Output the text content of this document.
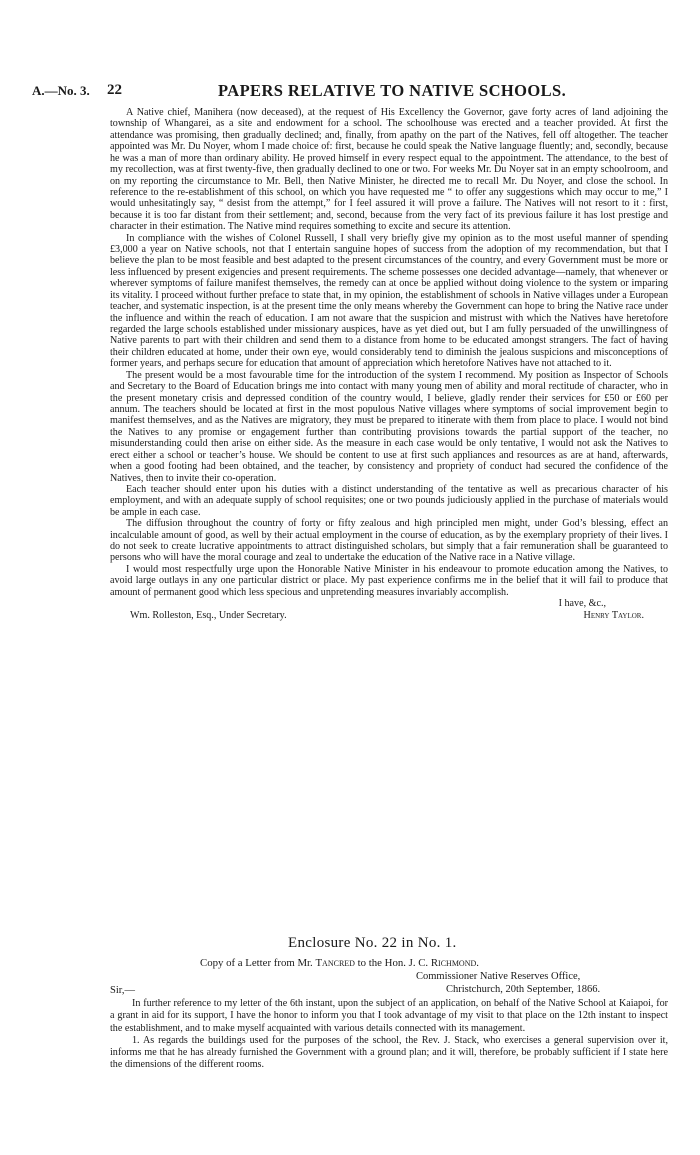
A.—No. 3. 22	PAPERS RELATIVE TO NATIVE SCHOOLS.

A Native chief, Manihera (now deceased), at the request of His Excellency the Governor, gave forty acres of land adjoining the township of Whangarei, as a site and endowment for a school. The schoolhouse was erected and a teacher provided. At first the attendance was promising, then gradually declined; and, finally, from apathy on the part of the Natives, fell off altogether. The teacher appointed was Mr. Du Noyer, whom I made choice of: first, because he could speak the Native language fluently; and, secondly, because he was a man of more than ordinary ability. He proved himself in every respect equal to the appointment. The attendance, to the best of my recollection, was at first twenty-five, then gradually declined to one or two. For weeks Mr. Du Noyer sat in an empty schoolroom, and on my reporting the circumstance to Mr. Bell, then Native Minister, he directed me to recall Mr. Du Noyer, and close the school. In reference to the re-establishment of this school, on which you have requested me “ to offer any suggestions which may occur to me,” I would unhesitatingly say, “ desist from the attempt,” for I feel assured it will prove a failure. The Natives will not resort to it : first, because it is too far distant from their settlement; and, second, because from the very fact of its previous failure it has lost prestige and character in their estimation. The Native mind requires something to excite and secure its attention.

In compliance with the wishes of Colonel Russell, I shall very briefly give my opinion as to the most useful manner of spending £3,000 a year on Native schools, not that I entertain sanguine hopes of success from the adoption of my recommendation, but that I believe the plan to be most feasible and best adapted to the present circumstances of the country, and every Government must be more or less influenced by present exigencies and present requirements. The scheme possesses one decided advantage—namely, that whenever or wherever symptoms of failure manifest themselves, the remedy can at once be applied without doing violence to the system or imparing its vitality. I proceed without further preface to state that, in my opinion, the establishment of schools in Native villages under a European teacher, and systematic inspection, is at the present time the only means whereby the Government can hope to bring the Native race under the influence and within the reach of education. I am not aware that the suspicion and mistrust with which the Natives have heretofore regarded the large schools established under missionary auspices, have as yet died out, but I am fully persuaded of the unwillingness of Native parents to part with their children and send them to a distance from home to be educated amongst strangers. The fact of having their children educated at home, under their own eye, would considerably tend to diminish the jealous suspicions and misconceptions of former years, and perhaps secure for education that amount of appreciation which heretofore Natives have not attached to it.

The present would be a most favourable time for the introduction of the system I recommend. My position as Inspector of Schools and Secretary to the Board of Education brings me into contact with many young men of ability and moral rectitude of character, who in the present monetary crisis and depressed condition of the country would, I believe, gladly render their services for £50 or £60 per annum. The teachers should be located at first in the most populous Native villages where symptoms of social improvement begin to manifest themselves, and as the Natives are migratory, they must be prepared to itinerate with them from place to place. I would not bind the Natives to any promise or engagement further than contributing provisions towards the partial support of the teacher, no misunderstanding could then arise on either side. As the measure in each case would be only tentative, I would not ask the Natives to erect either a school or teacher’s house. We should be content to use at first such appliances and resources as are at hand, afterwards, when a good footing had been obtained, and the teacher, by consistency and propriety of conduct had secured the confidence of the Natives, then to invite their co-operation.

Each teacher should enter upon his duties with a distinct understanding of the tentative as well as precarious character of his employment, and with an adequate supply of school requisites; one or two pounds judiciously applied in the purchase of materials would be ample in each case.

The diffusion throughout the country of forty or fifty zealous and high principled men might, under God’s blessing, effect an incalculable amount of good, as well by their actual employment in the course of education, as by the exemplary propriety of their lives. I do not seek to create lucrative appointments to attract distinguished scholars, but simply that a fair remuneration shall be guaranteed to persons who will have the moral courage and zeal to undertake the education of the Native race in a Native village.

I would most respectfully urge upon the Honorable Native Minister in his endeavour to promote education among the Natives, to avoid large outlays in any one particular district or place. My past experience confirms me in the belief that it will fail to produce that amount of permanent good which less specious and unpretending measures invariably accomplish.

I have, &c.,
Wm. Rolleston, Esq., Under Secretary.	Henry Taylor.
Enclosure No. 22 in No. 1.
Copy of a Letter from Mr. Tancred to the Hon. J. C. Richmond.
Commissioner Native Reserves Office,
Sir,—	Christchurch, 20th September, 1866.

In further reference to my letter of the 6th instant, upon the subject of an application, on behalf of the Native School at Kaiapoi, for a grant in aid for its support, I have the honor to inform you that I took advantage of my visit to that place on the 12th instant to inspect the establishment, and to make myself acquainted with various details connected with its management.

1. As regards the buildings used for the purposes of the school, the Rev. J. Stack, who exercises a general supervision over it, informs me that he has already furnished the Government with a ground plan; and it will, therefore, be probably sufficient if I state here the dimensions of the different rooms.
